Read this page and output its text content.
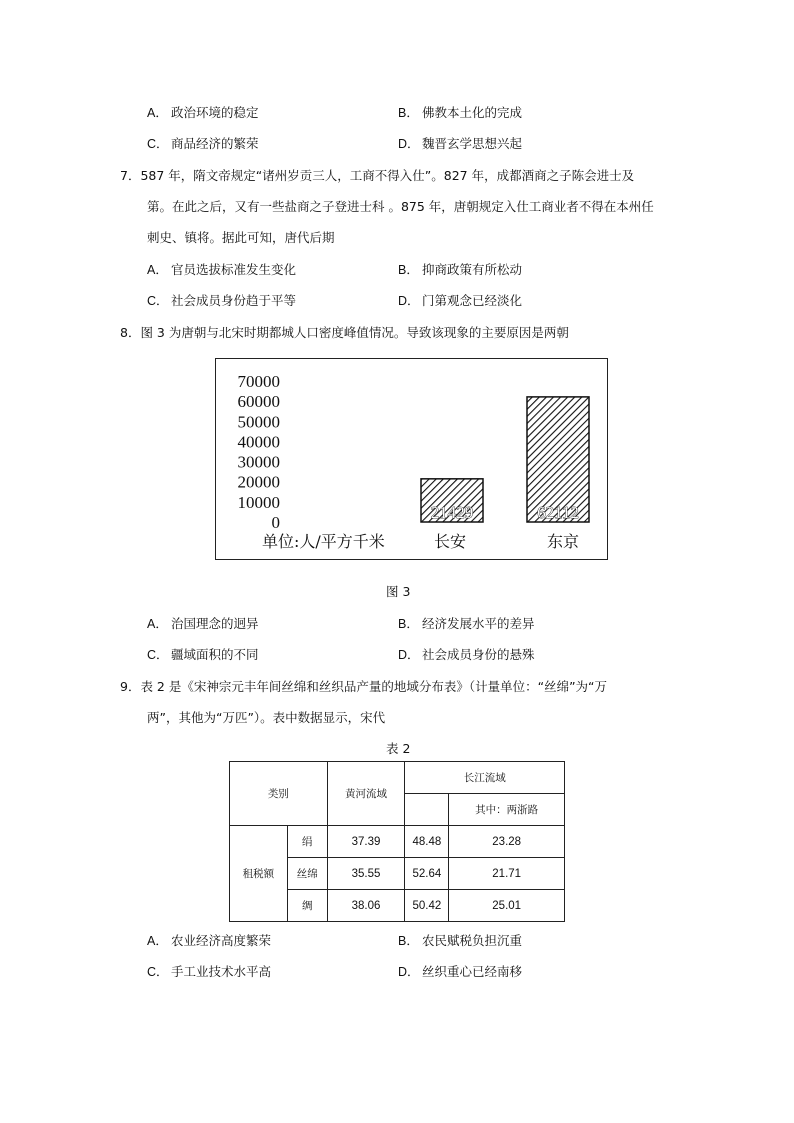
A． 政治环境的稳定	B． 佛教本土化的完成
C． 商品经济的繁荣	D． 魏晋玄学思想兴起
7．587 年，隋文帝规定“诸州岁贡三人，工商不得入仕”。827 年，成都酒商之子陈会进士及
第。在此之后，又有一些盐商之子登进士科 。875 年，唐朝规定入仕工商业者不得在本州任
刺史、镇将。据此可知，唐代后期
A． 官员选拔标准发生变化	B． 抑商政策有所松动
C． 社会成员身份趋于平等	D． 门第观念已经淡化
8．图 3 为唐朝与北宋时期都城人口密度峰值情况。导致该现象的主要原因是两朝
0
10000
20000
30000
40000
50000
60000
70000
21429
长安
62112
东京
单位:人/平方千米
图 3
A． 治国理念的迥异	B． 经济发展水平的差异
C． 疆域面积的不同	D． 社会成员身份的悬殊
9．表 2 是《宋神宗元丰年间丝绵和丝织品产量的地域分布表》（计量单位：“丝绵”为“万
两”，其他为“万匹”）。表中数据显示，宋代
表 2
类别		黄河流域	长江流域	
				其中：两浙路
租税额	绢	37.39	48.48	23.28
	丝绵	35.55	52.64	21.71
	绸	38.06	50.42	25.01
A． 农业经济高度繁荣	B． 农民赋税负担沉重
C． 手工业技术水平高	D． 丝织重心已经南移
